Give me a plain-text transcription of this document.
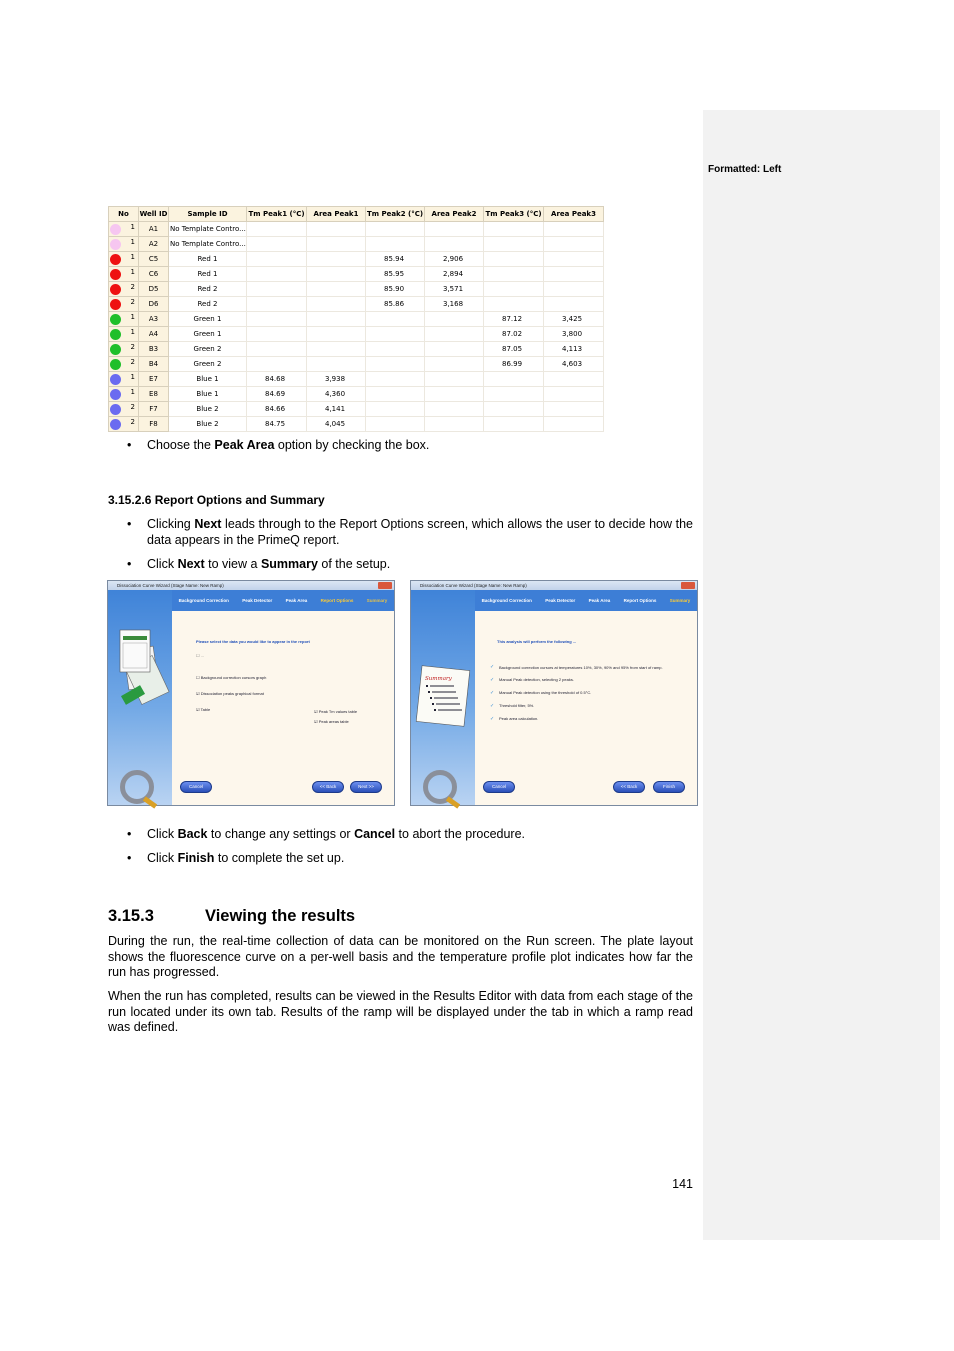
Formatted: Left
No	Well ID	Sample ID	Tm Peak1 (°C)	Area Peak1	Tm Peak2 (°C)	Area Peak2	Tm Peak3 (°C)	Area Peak3

1	A1	No Template Contro...						

1	A2	No Template Contro...						

1	C5	Red 1			85.94	2,906		

1	C6	Red 1			85.95	2,894		

2	D5	Red 2			85.90	3,571		

2	D6	Red 2			85.86	3,168		

1	A3	Green 1					87.12	3,425

1	A4	Green 1					87.02	3,800

2	B3	Green 2					87.05	4,113

2	B4	Green 2					86.99	4,603

1	E7	Blue 1	84.68	3,938				

1	E8	Blue 1	84.69	4,360				

2	F7	Blue 2	84.66	4,141				

2	F8	Blue 2	84.75	4,045				
• Choose the Peak Area option by checking the box.
3.15.2.6 Report Options and Summary
• Clicking Next leads through to the Report Options screen, which allows the user to decide how the data appears in the PrimeQ report.
• Click Next to view a Summary of the setup.
Dissociation Curve Wizard (Stage Name: New Ramp)
Background Correction	Peak Detector	Peak Area	Report Options	Summary
Please select the data you would like to appear in the report
☐ ...
☐ Background correction cursors graph
☑ Dissociation peaks graphical format
☑ Table	☑ Peak Tm values table
☑ Peak areas table
Cancel	<< Back	Next >>
Dissociation Curve Wizard (Stage Name: New Ramp)
Summary
Background Correction	Peak Detector	Peak Area	Report Options	Summary
This analysis will perform the following ...
✓ Background correction cursors at temperatures 10%, 30%, 90% and 95% from start of ramp.
✓ Manual Peak detection, selecting 2 peaks.
✓ Manual Peak detection using the threshold of 0.5°C.
✓ Threshold filter, 5%.
✓ Peak area calculation.
Cancel	<< Back	Finish
• Click Back to change any settings or Cancel to abort the procedure.
• Click Finish to complete the set up.
3.15.3	Viewing the results
During the run, the real-time collection of data can be monitored on the Run screen. The plate layout shows the fluorescence curve on a per-well basis and the temperature profile plot indicates how far the run has progressed.
When the run has completed, results can be viewed in the Results Editor with data from each stage of the run located under its own tab. Results of the ramp will be displayed under the tab in which a ramp read was defined.
141
